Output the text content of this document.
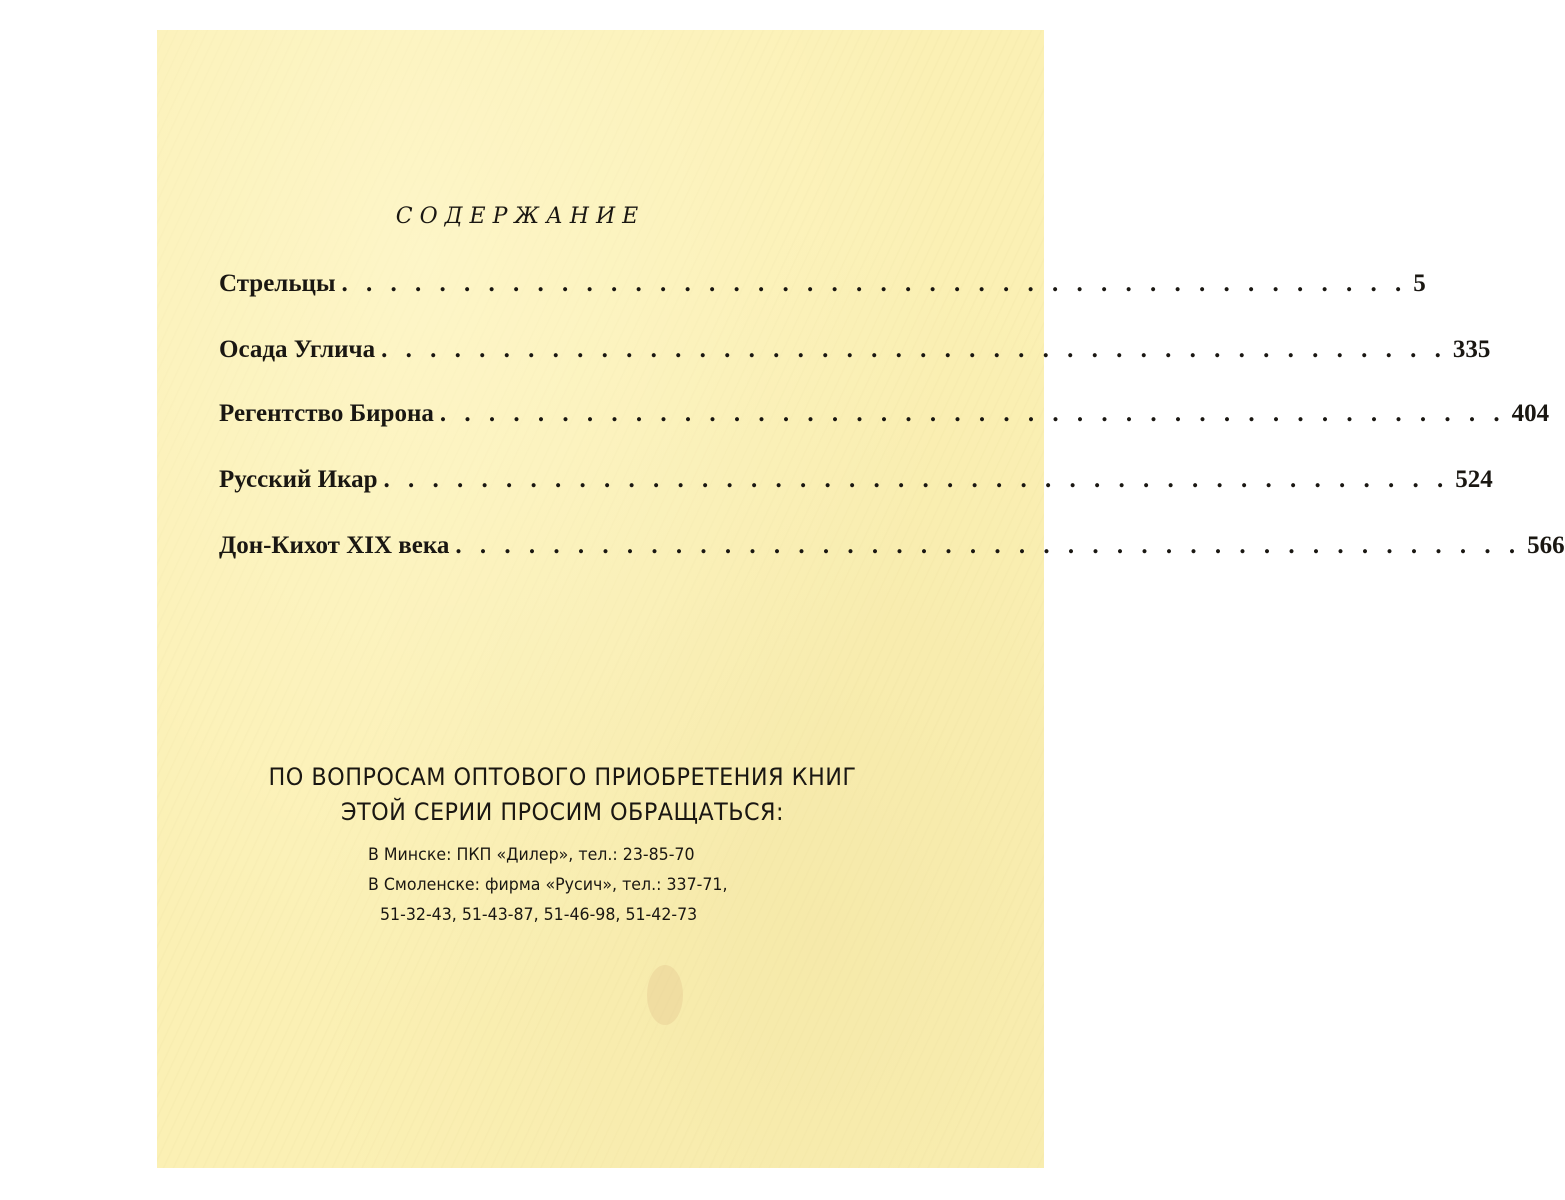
СОДЕРЖАНИЕ
Стрельцы . . . . . . . . . . . . . . . . . . . . . . . . . . . . . . . . . . . . . . . . . . . . 5
Осада Углича . . . . . . . . . . . . . . . . . . . . . . . . . . . . . . . . . . . . . . . . . . . . 335
Регентство Бирона . . . . . . . . . . . . . . . . . . . . . . . . . . . . . . . . . . . . . . . . . . . . 404
Русский Икар . . . . . . . . . . . . . . . . . . . . . . . . . . . . . . . . . . . . . . . . . . . . 524
Дон-Кихот XIX века . . . . . . . . . . . . . . . . . . . . . . . . . . . . . . . . . . . . . . . . . . . . 566
ПО ВОПРОСАМ ОПТОВОГО ПРИОБРЕТЕНИЯ КНИГ
ЭТОЙ СЕРИИ ПРОСИМ ОБРАЩАТЬСЯ:
В Минске: ПКП «Дилер», тел.: 23-85-70
В Смоленске: фирма «Русич», тел.: 337-71,
51-32-43, 51-43-87, 51-46-98, 51-42-73
